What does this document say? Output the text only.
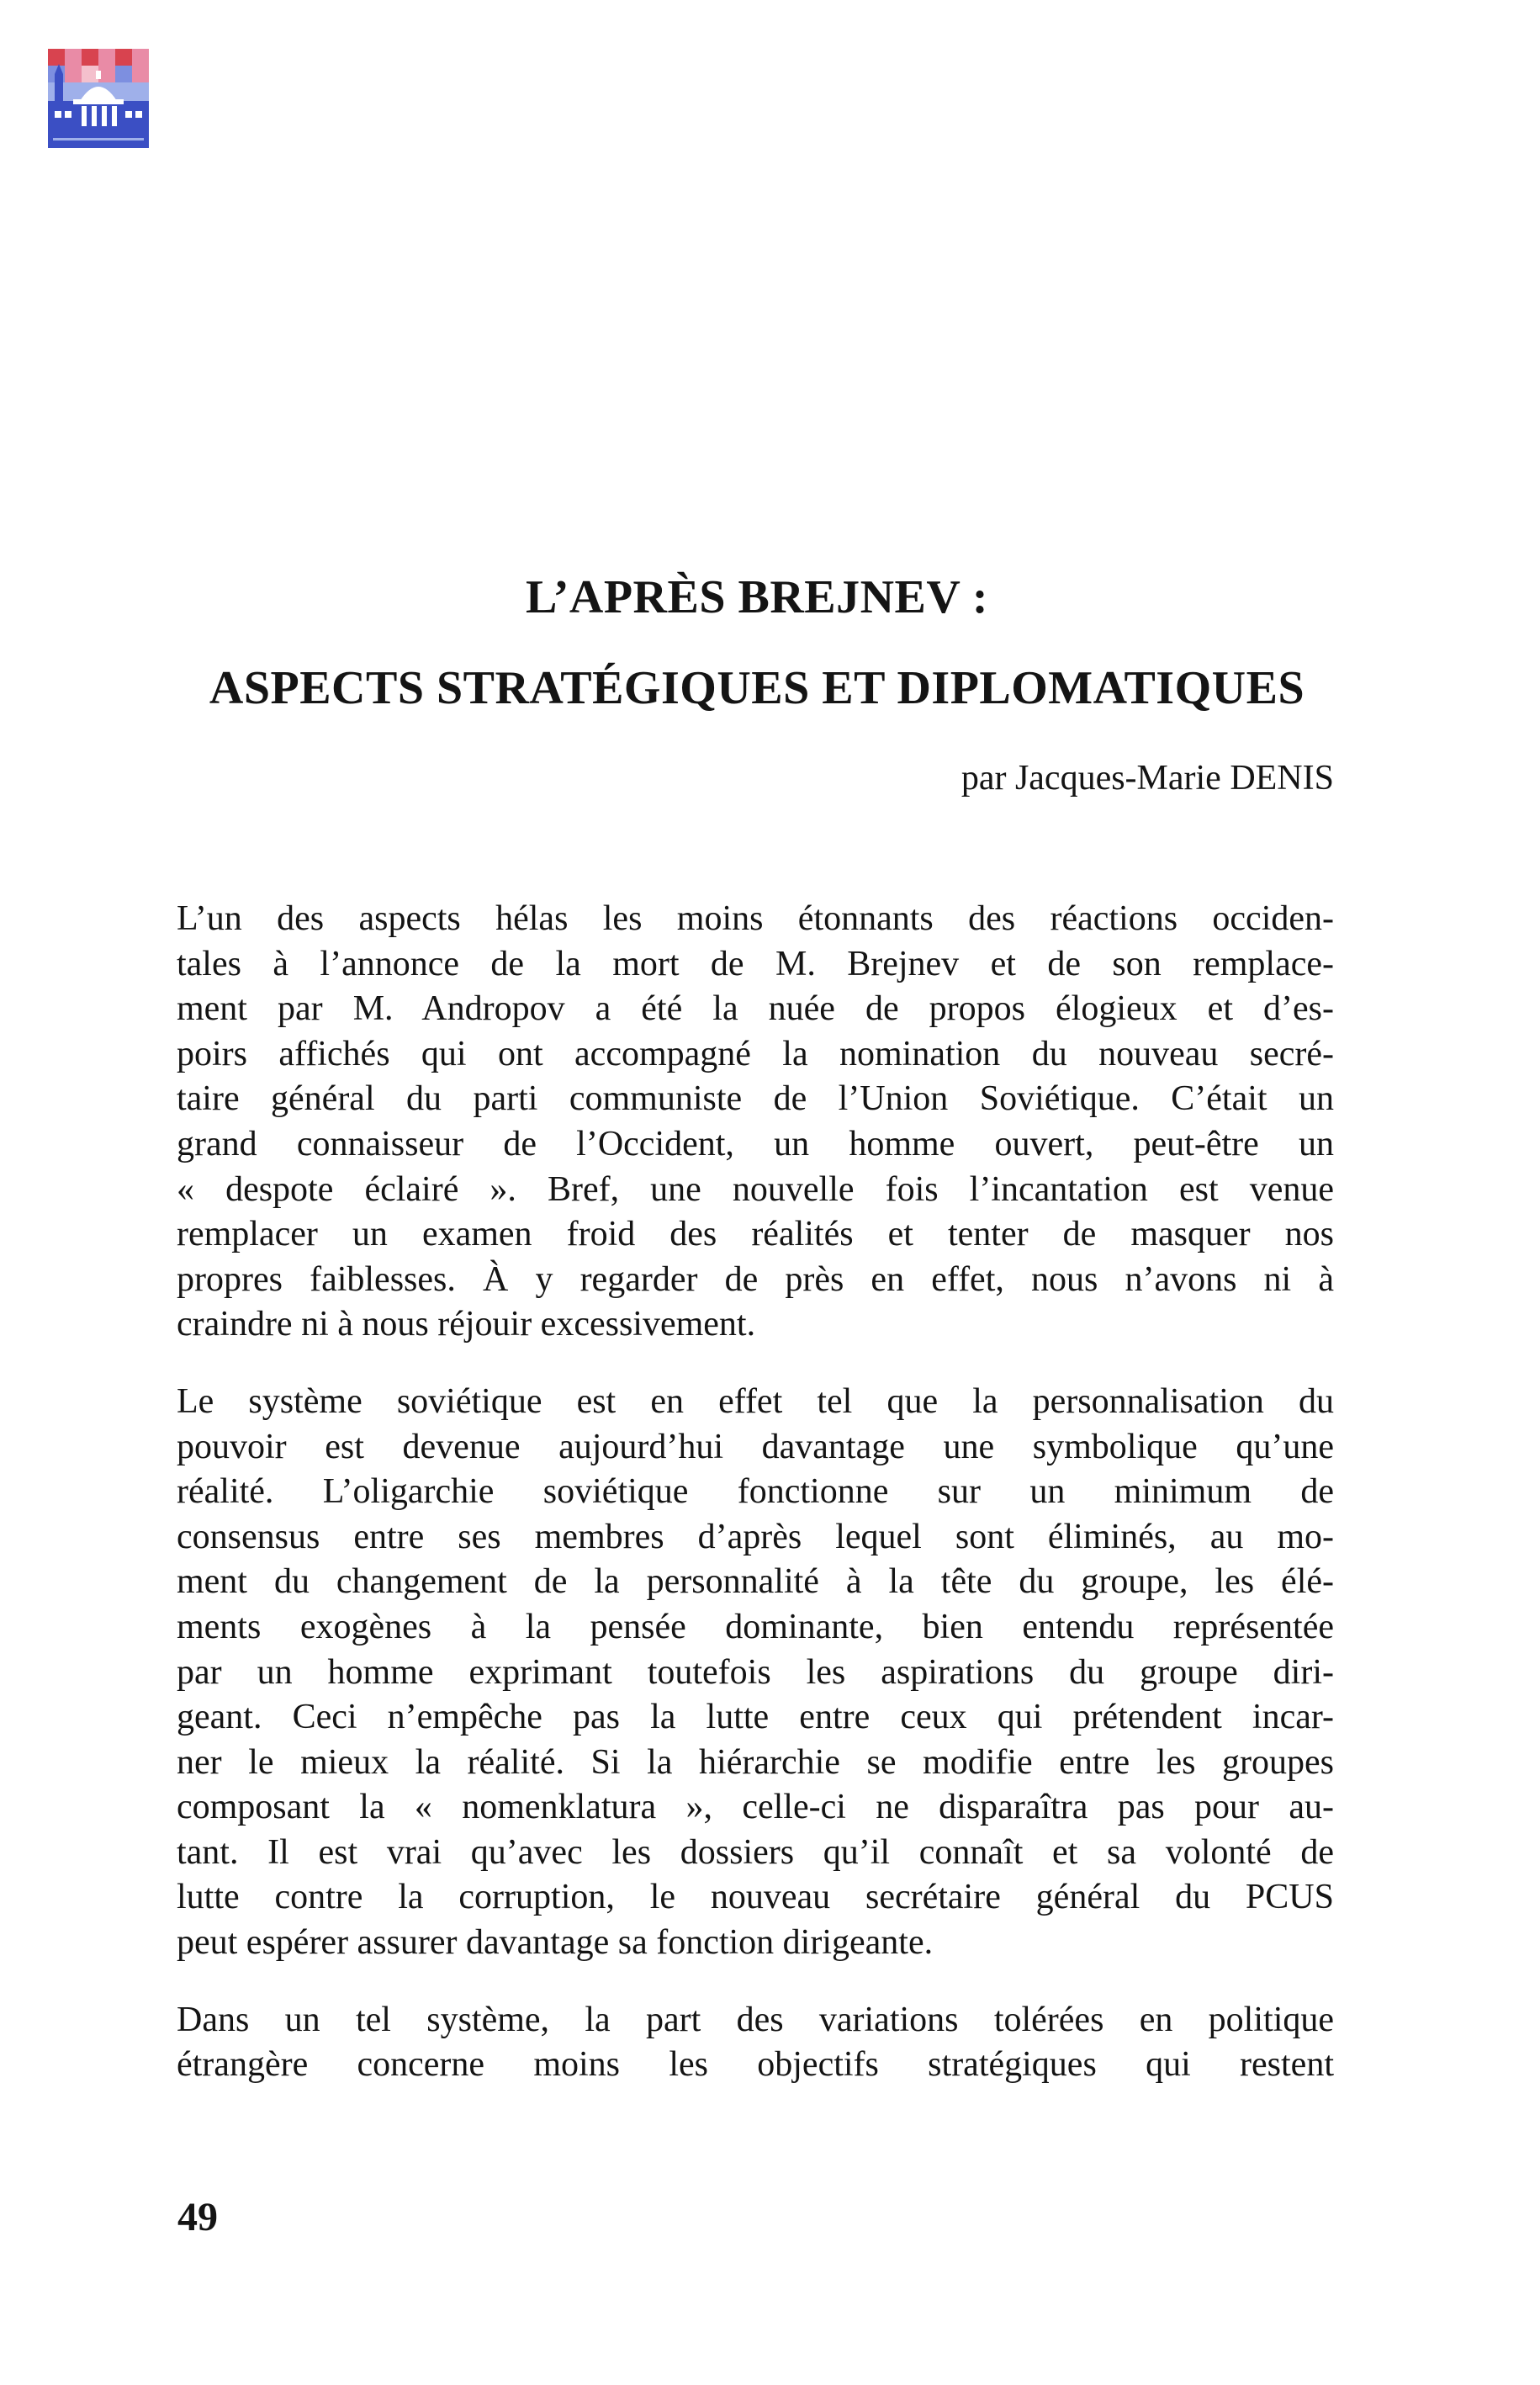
L’APRÈS BREJNEV :
ASPECTS STRATÉGIQUES ET DIPLOMATIQUES
par Jacques-Marie DENIS
L’un des aspects hélas les moins étonnants des réactions occiden-
tales à l’annonce de la mort de M. Brejnev et de son remplace-
ment par M. Andropov a été la nuée de propos élogieux et d’es-
poirs affichés qui ont accompagné la nomination du nouveau secré-
taire général du parti communiste de l’Union Soviétique. C’était un
grand connaisseur de l’Occident, un homme ouvert, peut-être un
« despote éclairé ». Bref, une nouvelle fois l’incantation est venue
remplacer un examen froid des réalités et tenter de masquer nos
propres faiblesses. À y regarder de près en effet, nous n’avons ni à
craindre ni à nous réjouir excessivement.
Le système soviétique est en effet tel que la personnalisation du
pouvoir est devenue aujourd’hui davantage une symbolique qu’une
réalité. L’oligarchie soviétique fonctionne sur un minimum de
consensus entre ses membres d’après lequel sont éliminés, au mo-
ment du changement de la personnalité à la tête du groupe, les élé-
ments exogènes à la pensée dominante, bien entendu représentée
par un homme exprimant toutefois les aspirations du groupe diri-
geant. Ceci n’empêche pas la lutte entre ceux qui prétendent incar-
ner le mieux la réalité. Si la hiérarchie se modifie entre les groupes
composant la « nomenklatura », celle-ci ne disparaîtra pas pour au-
tant. Il est vrai qu’avec les dossiers qu’il connaît et sa volonté de
lutte contre la corruption, le nouveau secrétaire général du PCUS
peut espérer assurer davantage sa fonction dirigeante.
Dans un tel système, la part des variations tolérées en politique
étrangère concerne moins les objectifs stratégiques qui restent
49
